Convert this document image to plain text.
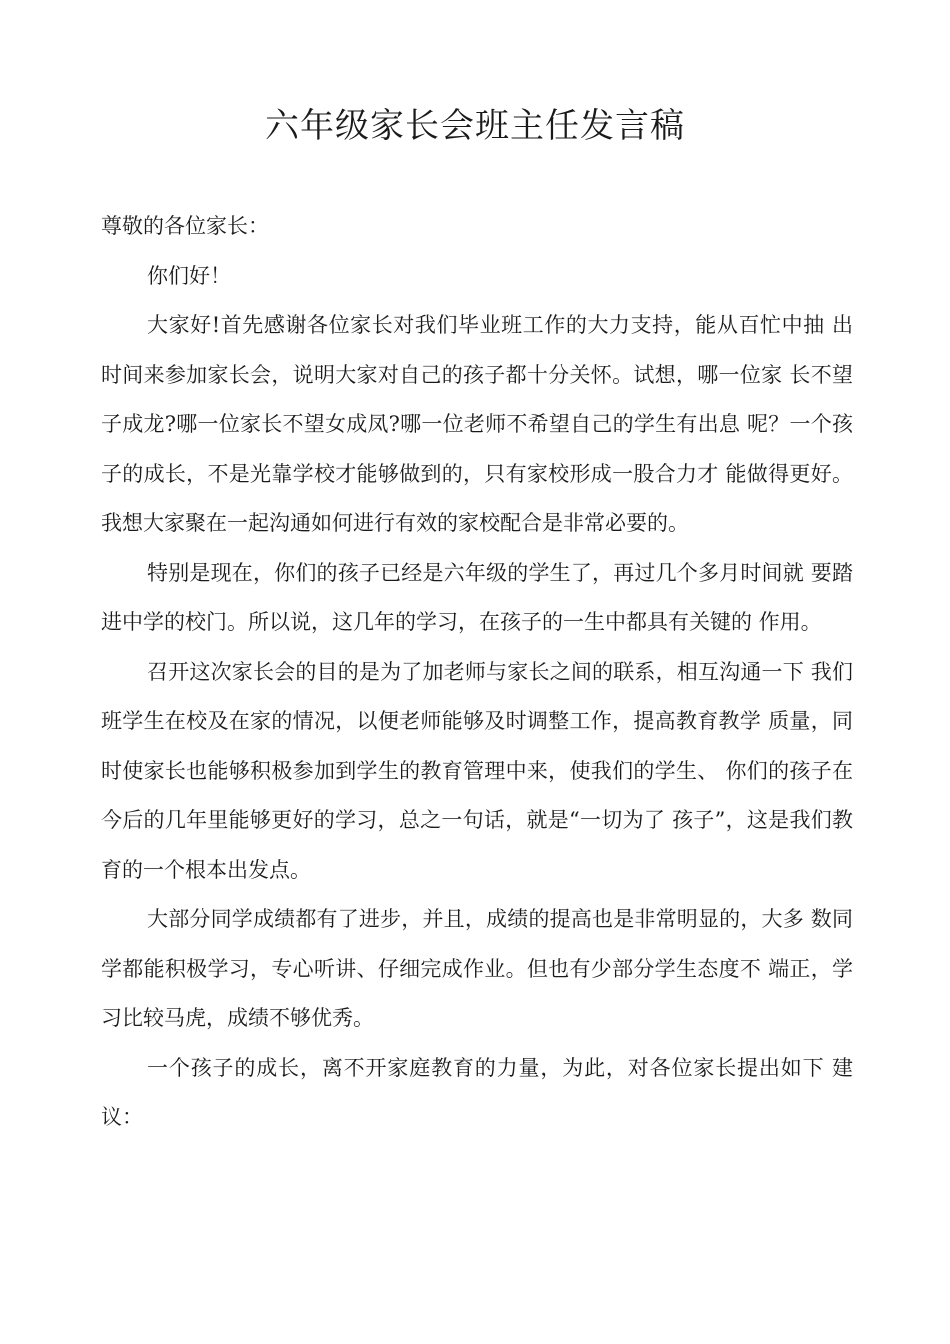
六年级家长会班主任发言稿

尊敬的各位家长：

你们好！

大家好!首先感谢各位家长对我们毕业班工作的大力支持，能从百忙中抽 出时间来参加家长会，说明大家对自己的孩子都十分关怀。试想，哪一位家 长不望子成龙?哪一位家长不望女成凤?哪一位老师不希望自己的学生有出息 呢？一个孩子的成长，不是光靠学校才能够做到的，只有家校形成一股合力才 能做得更好。我想大家聚在一起沟通如何进行有效的家校配合是非常必要的。

特别是现在，你们的孩子已经是六年级的学生了，再过几个多月时间就 要踏进中学的校门。所以说，这几年的学习，在孩子的一生中都具有关键的 作用。

召开这次家长会的目的是为了加老师与家长之间的联系，相互沟通一下 我们班学生在校及在家的情况，以便老师能够及时调整工作，提高教育教学 质量，同时使家长也能够积极参加到学生的教育管理中来，使我们的学生、 你们的孩子在今后的几年里能够更好的学习，总之一句话，就是“一切为了 孩子”，这是我们教育的一个根本出发点。

大部分同学成绩都有了进步，并且，成绩的提高也是非常明显的，大多 数同学都能积极学习，专心听讲、仔细完成作业。但也有少部分学生态度不 端正，学习比较马虎，成绩不够优秀。

一个孩子的成长，离不开家庭教育的力量，为此，对各位家长提出如下 建议：
